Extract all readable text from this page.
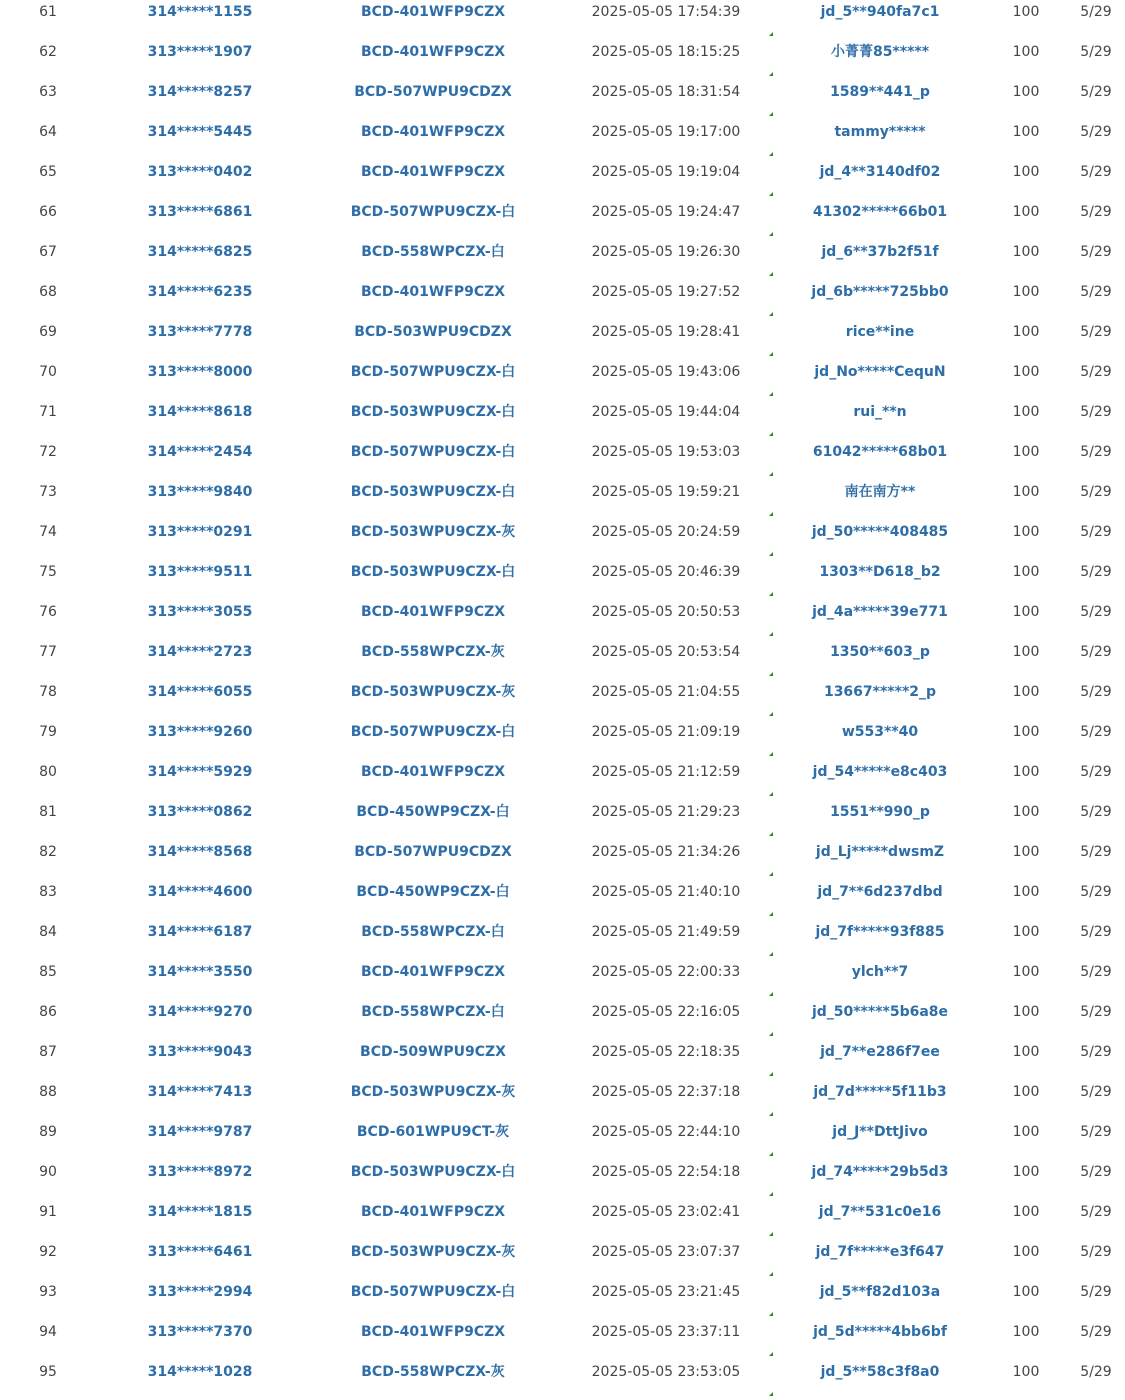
61	314*****1155	BCD-401WFP9CZX	2025-05-05 17:54:39	jd_5**940fa7c1	100	5/29
62	313*****1907	BCD-401WFP9CZX	2025-05-05 18:15:25	小菁菁85*****	100	5/29
63	314*****8257	BCD-507WPU9CDZX	2025-05-05 18:31:54	1589**441_p	100	5/29
64	314*****5445	BCD-401WFP9CZX	2025-05-05 19:17:00	tammy*****	100	5/29
65	313*****0402	BCD-401WFP9CZX	2025-05-05 19:19:04	jd_4**3140df02	100	5/29
66	313*****6861	BCD-507WPU9CZX-白	2025-05-05 19:24:47	41302*****66b01	100	5/29
67	314*****6825	BCD-558WPCZX-白	2025-05-05 19:26:30	jd_6**37b2f51f	100	5/29
68	314*****6235	BCD-401WFP9CZX	2025-05-05 19:27:52	jd_6b*****725bb0	100	5/29
69	313*****7778	BCD-503WPU9CDZX	2025-05-05 19:28:41	rice**ine	100	5/29
70	313*****8000	BCD-507WPU9CZX-白	2025-05-05 19:43:06	jd_No*****CequN	100	5/29
71	314*****8618	BCD-503WPU9CZX-白	2025-05-05 19:44:04	rui_**n	100	5/29
72	314*****2454	BCD-507WPU9CZX-白	2025-05-05 19:53:03	61042*****68b01	100	5/29
73	313*****9840	BCD-503WPU9CZX-白	2025-05-05 19:59:21	南在南方**	100	5/29
74	313*****0291	BCD-503WPU9CZX-灰	2025-05-05 20:24:59	jd_50*****408485	100	5/29
75	313*****9511	BCD-503WPU9CZX-白	2025-05-05 20:46:39	1303**D618_b2	100	5/29
76	313*****3055	BCD-401WFP9CZX	2025-05-05 20:50:53	jd_4a*****39e771	100	5/29
77	314*****2723	BCD-558WPCZX-灰	2025-05-05 20:53:54	1350**603_p	100	5/29
78	314*****6055	BCD-503WPU9CZX-灰	2025-05-05 21:04:55	13667*****2_p	100	5/29
79	313*****9260	BCD-507WPU9CZX-白	2025-05-05 21:09:19	w553**40	100	5/29
80	314*****5929	BCD-401WFP9CZX	2025-05-05 21:12:59	jd_54*****e8c403	100	5/29
81	313*****0862	BCD-450WP9CZX-白	2025-05-05 21:29:23	1551**990_p	100	5/29
82	314*****8568	BCD-507WPU9CDZX	2025-05-05 21:34:26	jd_Lj*****dwsmZ	100	5/29
83	314*****4600	BCD-450WP9CZX-白	2025-05-05 21:40:10	jd_7**6d237dbd	100	5/29
84	314*****6187	BCD-558WPCZX-白	2025-05-05 21:49:59	jd_7f*****93f885	100	5/29
85	314*****3550	BCD-401WFP9CZX	2025-05-05 22:00:33	ylch**7	100	5/29
86	314*****9270	BCD-558WPCZX-白	2025-05-05 22:16:05	jd_50*****5b6a8e	100	5/29
87	313*****9043	BCD-509WPU9CZX	2025-05-05 22:18:35	jd_7**e286f7ee	100	5/29
88	314*****7413	BCD-503WPU9CZX-灰	2025-05-05 22:37:18	jd_7d*****5f11b3	100	5/29
89	314*****9787	BCD-601WPU9CT-灰	2025-05-05 22:44:10	jd_J**DttJivo	100	5/29
90	313*****8972	BCD-503WPU9CZX-白	2025-05-05 22:54:18	jd_74*****29b5d3	100	5/29
91	314*****1815	BCD-401WFP9CZX	2025-05-05 23:02:41	jd_7**531c0e16	100	5/29
92	313*****6461	BCD-503WPU9CZX-灰	2025-05-05 23:07:37	jd_7f*****e3f647	100	5/29
93	313*****2994	BCD-507WPU9CZX-白	2025-05-05 23:21:45	jd_5**f82d103a	100	5/29
94	313*****7370	BCD-401WFP9CZX	2025-05-05 23:37:11	jd_5d*****4bb6bf	100	5/29
95	314*****1028	BCD-558WPCZX-灰	2025-05-05 23:53:05	jd_5**58c3f8a0	100	5/29
